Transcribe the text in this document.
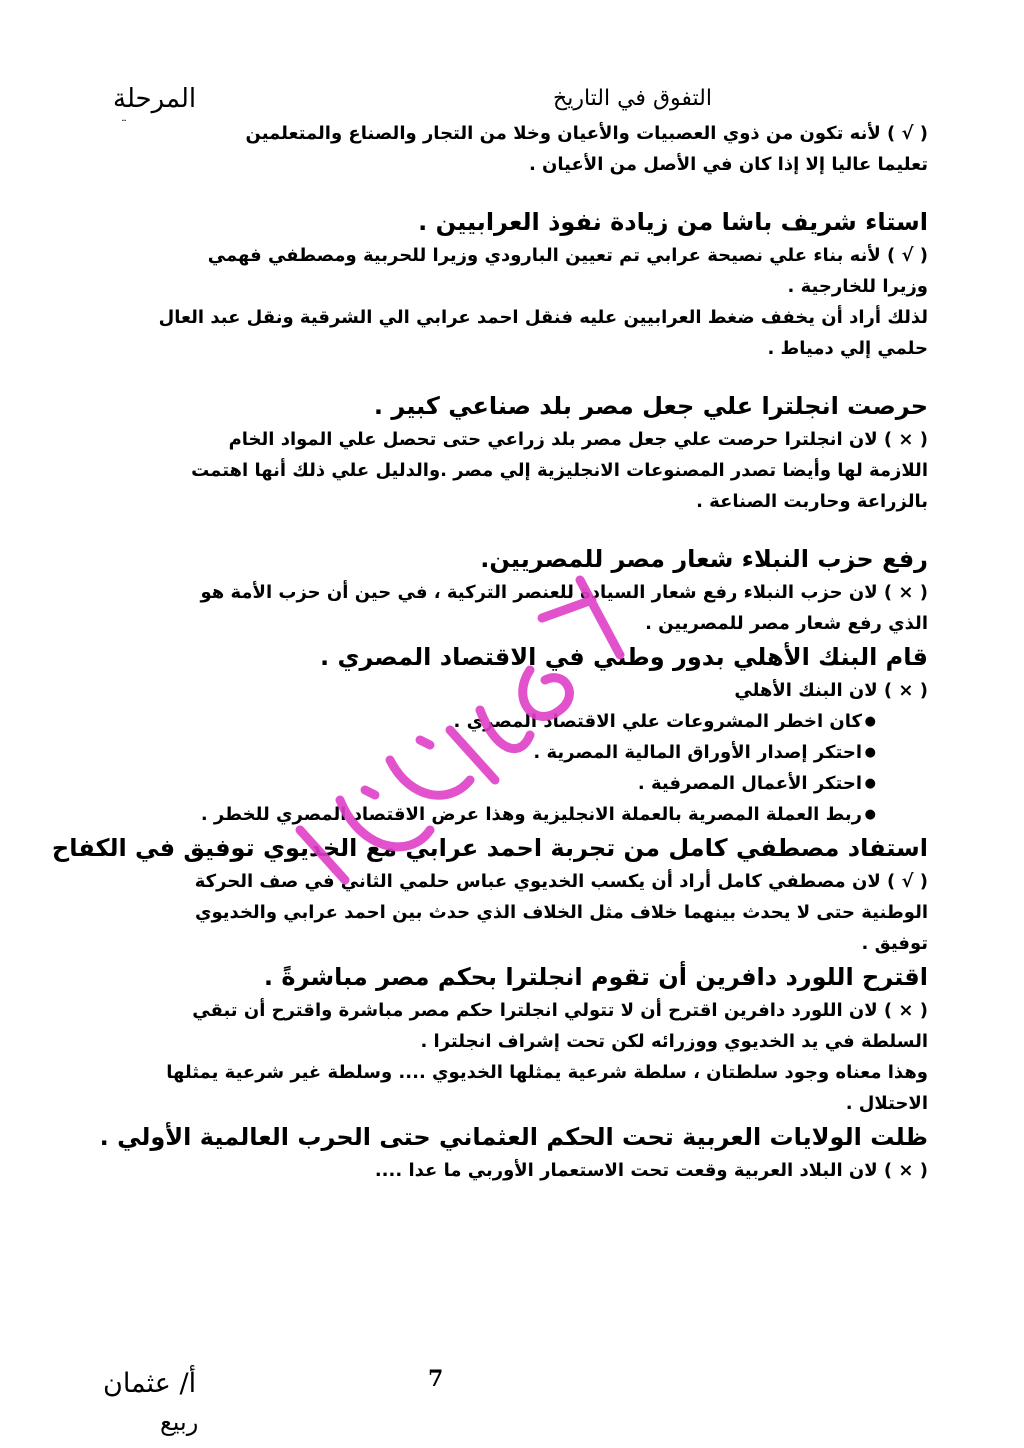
المرحلة	التفوق في التاريخ
¨	( √ ) لأنه تكون من ذوي العصبيات والأعيان وخلا من التجار والصناع والمتعلمين
تعليما عاليا إلا إذا كان في الأصل من الأعيان .
استاء شريف باشا من زيادة نفوذ العرابيين .
( √ ) لأنه بناء علي نصيحة عرابي تم تعيين البارودي وزيرا للحربية ومصطفي فهمي
وزيرا للخارجية .
لذلك أراد أن يخفف ضغط العرابيين عليه فنقل احمد عرابي الي الشرقية ونقل عبد العال
حلمي إلي دمياط .
حرصت انجلترا علي جعل مصر بلد صناعي كبير .
( × ) لان انجلترا حرصت علي جعل مصر بلد زراعي حتى تحصل علي المواد الخام
اللازمة لها وأيضا تصدر المصنوعات الانجليزية إلي مصر .والدليل علي ذلك أنها اهتمت
بالزراعة وحاربت الصناعة .
رفع حزب النبلاء شعار مصر للمصريين.
( × ) لان حزب النبلاء رفع شعار السيادة للعنصر التركية ، في حين أن حزب الأمة هو
الذي رفع شعار مصر للمصريين .
قام البنك الأهلي بدور وطني في الاقتصاد المصري .
( × ) لان البنك الأهلي
● كان اخطر المشروعات علي الاقتصاد المصري .
● احتكر إصدار الأوراق المالية المصرية .
● احتكر الأعمال المصرفية .
● ربط العملة المصرية بالعملة الانجليزية وهذا عرض الاقتصاد المصري للخطر .
استفاد مصطفي كامل من تجربة احمد عرابي مع الخديوي توفيق في الكفاح
( √ ) لان مصطفي كامل أراد أن يكسب الخديوي عباس حلمي الثاني في صف الحركة
الوطنية حتى لا يحدث بينهما خلاف مثل الخلاف الذي حدث بين احمد عرابي والخديوي
توفيق .
اقترح اللورد دافرين أن تقوم انجلترا بحكم مصر مباشرةً .
( × ) لان اللورد دافرين اقترح أن لا تتولي انجلترا حكم مصر مباشرة واقترح أن تبقي
السلطة في يد الخديوي ووزرائه لكن تحت إشراف انجلترا .
وهذا معناه وجود سلطتان ، سلطة شرعية يمثلها الخديوي .... وسلطة غير شرعية يمثلها
الاحتلال .
ظلت الولايات العربية تحت الحكم العثماني حتى الحرب العالمية الأولي .
( × ) لان البلاد العربية وقعت تحت الاستعمار الأوربي ما عدا ....
7
أ/ عثمان
ربيع
